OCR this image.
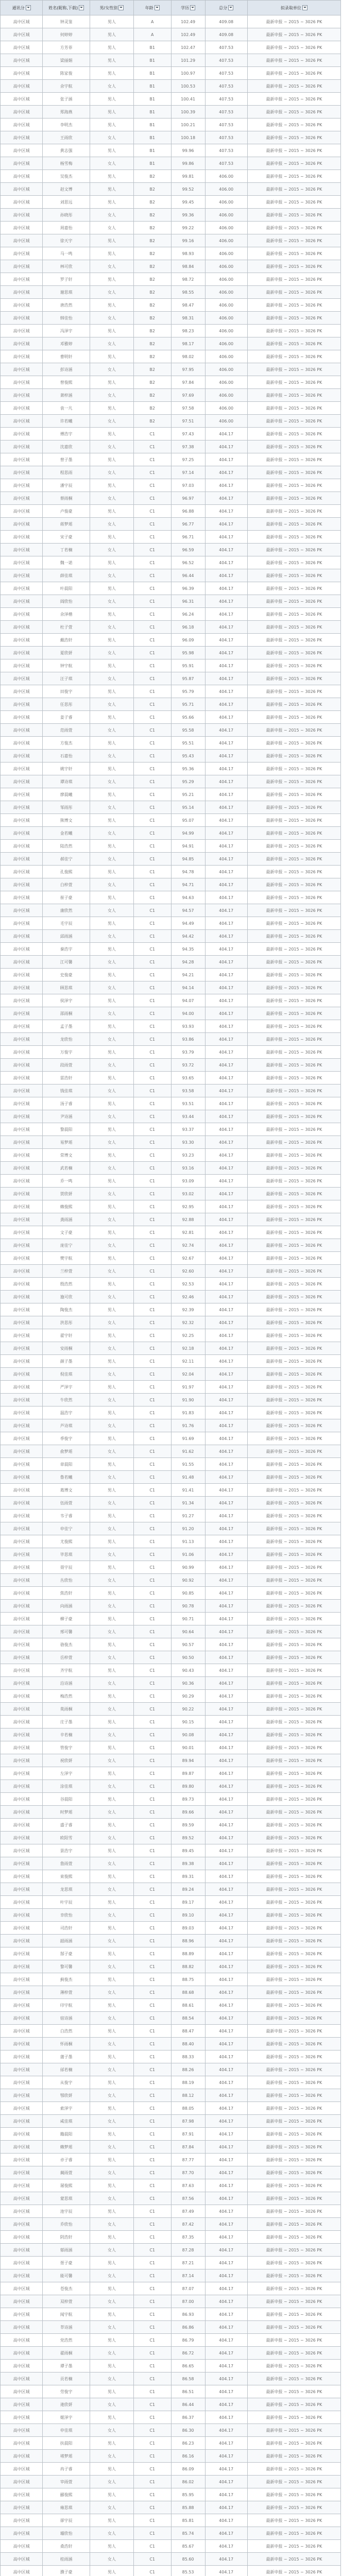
通讯分	姓名(昵称,下载)	男/女性别	年龄	学历	总分	拟录取单位
高中区城	钟灵鉴	男人	A	102.49	409.08	最新申报 ~ 2015 ~ 3026 PK
高中区城	何婷婷	男人	A	102.49	409.08	最新申报 ~ 2015 ~ 3026 PK
高中区城	方芳菲	男人	B1	102.47	407.53	最新申报 ~ 2015 ~ 3026 PK
高中区城	梁丽娟	男人	B1	101.29	407.53	最新申报 ~ 2015 ~ 3026 PK
高中区城	陈家俊	男人	B1	100.97	407.53	最新申报 ~ 2015 ~ 3026 PK
高中区城	余宇航	女人	B1	100.53	407.53	最新申报 ~ 2015 ~ 3026 PK
高中区城	张子涵	男人	B1	100.41	407.53	最新申报 ~ 2015 ~ 3026 PK
高中区城	郑海燕	男人	B1	100.39	407.53	最新申报 ~ 2015 ~ 3026 PK
高中区城	李明杰	男人	B1	100.21	407.53	最新申报 ~ 2015 ~ 3026 PK
高中区城	王雨欣	女人	B1	100.18	407.53	最新申报 ~ 2015 ~ 3026 PK
高中区城	黄志强	男人	B1	99.96	407.53	最新申报 ~ 2015 ~ 3026 PK
高中区城	杨雪梅	女人	B1	99.86	407.53	最新申报 ~ 2015 ~ 3026 PK
高中区城	吴俊杰	男人	B2	99.81	406.00	最新申报 ~ 2015 ~ 3026 PK
高中区城	赵文博	男人	B2	99.52	406.00	最新申报 ~ 2015 ~ 3026 PK
高中区城	刘思远	男人	B2	99.45	406.00	最新申报 ~ 2015 ~ 3026 PK
高中区城	孙晓彤	女人	B2	99.36	406.00	最新申报 ~ 2015 ~ 3026 PK
高中区城	周嘉怡	女人	B2	99.22	406.00	最新申报 ~ 2015 ~ 3026 PK
高中区城	徐天宇	男人	B2	99.16	406.00	最新申报 ~ 2015 ~ 3026 PK
高中区城	马一鸣	男人	B2	98.93	406.00	最新申报 ~ 2015 ~ 3026 PK
高中区城	林可欣	女人	B2	98.84	406.00	最新申报 ~ 2015 ~ 3026 PK
高中区城	罗子轩	男人	B2	98.72	406.00	最新申报 ~ 2015 ~ 3026 PK
高中区城	谢思琪	女人	B2	98.55	406.00	最新申报 ~ 2015 ~ 3026 PK
高中区城	唐浩然	男人	B2	98.47	406.00	最新申报 ~ 2015 ~ 3026 PK
高中区城	韩佳怡	女人	B2	98.31	406.00	最新申报 ~ 2015 ~ 3026 PK
高中区城	冯泽宇	男人	B2	98.23	406.00	最新申报 ~ 2015 ~ 3026 PK
高中区城	邓雅婷	女人	B2	98.17	406.00	最新申报 ~ 2015 ~ 3026 PK
高中区城	曹明轩	男人	B2	98.02	406.00	最新申报 ~ 2015 ~ 3026 PK
高中区城	彭诗涵	女人	B2	97.95	406.00	最新申报 ~ 2015 ~ 3026 PK
高中区城	曾俊熙	男人	B2	97.84	406.00	最新申报 ~ 2015 ~ 3026 PK
高中区城	萧梓涵	女人	B2	97.69	406.00	最新申报 ~ 2015 ~ 3026 PK
高中区城	袁一凡	男人	B2	97.58	406.00	最新申报 ~ 2015 ~ 3026 PK
高中区城	许若曦	女人	B2	97.51	406.00	最新申报 ~ 2015 ~ 3026 PK
高中区城	傅浩宇	男人	C1	97.43	404.17	最新申报 ~ 2015 ~ 3026 PK
高中区城	沈嘉欣	女人	C1	97.38	404.17	最新申报 ~ 2015 ~ 3026 PK
高中区城	曾子墨	男人	C1	97.25	404.17	最新申报 ~ 2015 ~ 3026 PK
高中区城	程思雨	女人	C1	97.14	404.17	最新申报 ~ 2015 ~ 3026 PK
高中区城	潘宇辰	男人	C1	97.03	404.17	最新申报 ~ 2015 ~ 3026 PK
高中区城	蔡雨桐	女人	C1	96.97	404.17	最新申报 ~ 2015 ~ 3026 PK
高中区城	卢俊豪	男人	C1	96.88	404.17	最新申报 ~ 2015 ~ 3026 PK
高中区城	蒋梦瑶	女人	C1	96.77	404.17	最新申报 ~ 2015 ~ 3026 PK
高中区城	宋子豪	男人	C1	96.71	404.17	最新申报 ~ 2015 ~ 3026 PK
高中区城	丁若楠	女人	C1	96.59	404.17	最新申报 ~ 2015 ~ 3026 PK
高中区城	魏一诺	男人	C1	96.52	404.17	最新申报 ~ 2015 ~ 3026 PK
高中区城	薛佳琪	女人	C1	96.44	404.17	最新申报 ~ 2015 ~ 3026 PK
高中区城	叶晨阳	男人	C1	96.39	404.17	最新申报 ~ 2015 ~ 3026 PK
高中区城	阎欣怡	女人	C1	96.31	404.17	最新申报 ~ 2015 ~ 3026 PK
高中区城	余泽楷	男人	C1	96.24	404.17	最新申报 ~ 2015 ~ 3026 PK
高中区城	杜子萱	女人	C1	96.18	404.17	最新申报 ~ 2015 ~ 3026 PK
高中区城	戴浩轩	男人	C1	96.09	404.17	最新申报 ~ 2015 ~ 3026 PK
高中区城	夏欣妍	女人	C1	95.98	404.17	最新申报 ~ 2015 ~ 3026 PK
高中区城	钟宇航	男人	C1	95.91	404.17	最新申报 ~ 2015 ~ 3026 PK
高中区城	汪子琪	女人	C1	95.87	404.17	最新申报 ~ 2015 ~ 3026 PK
高中区城	田俊宇	男人	C1	95.79	404.17	最新申报 ~ 2015 ~ 3026 PK
高中区城	任思彤	女人	C1	95.71	404.17	最新申报 ~ 2015 ~ 3026 PK
高中区城	姜子睿	男人	C1	95.66	404.17	最新申报 ~ 2015 ~ 3026 PK
高中区城	范雨萱	女人	C1	95.58	404.17	最新申报 ~ 2015 ~ 3026 PK
高中区城	方俊杰	男人	C1	95.51	404.17	最新申报 ~ 2015 ~ 3026 PK
高中区城	石嘉怡	女人	C1	95.43	404.17	最新申报 ~ 2015 ~ 3026 PK
高中区城	姚宇轩	男人	C1	95.36	404.17	最新申报 ~ 2015 ~ 3026 PK
高中区城	谭诗琪	女人	C1	95.29	404.17	最新申报 ~ 2015 ~ 3026 PK
高中区城	廖晨曦	男人	C1	95.21	404.17	最新申报 ~ 2015 ~ 3026 PK
高中区城	邹雨彤	女人	C1	95.14	404.17	最新申报 ~ 2015 ~ 3026 PK
高中区城	熊博文	男人	C1	95.07	404.17	最新申报 ~ 2015 ~ 3026 PK
高中区城	金若曦	女人	C1	94.99	404.17	最新申报 ~ 2015 ~ 3026 PK
高中区城	陆浩然	男人	C1	94.91	404.17	最新申报 ~ 2015 ~ 3026 PK
高中区城	郝佳宁	女人	C1	94.85	404.17	最新申报 ~ 2015 ~ 3026 PK
高中区城	孔俊熙	男人	C1	94.78	404.17	最新申报 ~ 2015 ~ 3026 PK
高中区城	白梓萱	女人	C1	94.71	404.17	最新申报 ~ 2015 ~ 3026 PK
高中区城	崔子豪	男人	C1	94.63	404.17	最新申报 ~ 2015 ~ 3026 PK
高中区城	康欣然	女人	C1	94.57	404.17	最新申报 ~ 2015 ~ 3026 PK
高中区城	毛宇辰	男人	C1	94.49	404.17	最新申报 ~ 2015 ~ 3026 PK
高中区城	邱雨涵	女人	C1	94.42	404.17	最新申报 ~ 2015 ~ 3026 PK
高中区城	秦浩宇	男人	C1	94.35	404.17	最新申报 ~ 2015 ~ 3026 PK
高中区城	江可馨	女人	C1	94.28	404.17	最新申报 ~ 2015 ~ 3026 PK
高中区城	史俊豪	男人	C1	94.21	404.17	最新申报 ~ 2015 ~ 3026 PK
高中区城	顾思琪	女人	C1	94.14	404.17	最新申报 ~ 2015 ~ 3026 PK
高中区城	侯泽宇	男人	C1	94.07	404.17	最新申报 ~ 2015 ~ 3026 PK
高中区城	邵雨桐	女人	C1	94.00	404.17	最新申报 ~ 2015 ~ 3026 PK
高中区城	孟子墨	男人	C1	93.93	404.17	最新申报 ~ 2015 ~ 3026 PK
高中区城	龙欣怡	女人	C1	93.86	404.17	最新申报 ~ 2015 ~ 3026 PK
高中区城	万俊宇	男人	C1	93.79	404.17	最新申报 ~ 2015 ~ 3026 PK
高中区城	段雨萱	女人	C1	93.72	404.17	最新申报 ~ 2015 ~ 3026 PK
高中区城	雷浩轩	男人	C1	93.65	404.17	最新申报 ~ 2015 ~ 3026 PK
高中区城	钱佳琪	女人	C1	93.58	404.17	最新申报 ~ 2015 ~ 3026 PK
高中区城	汤子睿	男人	C1	93.51	404.17	最新申报 ~ 2015 ~ 3026 PK
高中区城	尹诗涵	女人	C1	93.44	404.17	最新申报 ~ 2015 ~ 3026 PK
高中区城	黎晨阳	男人	C1	93.37	404.17	最新申报 ~ 2015 ~ 3026 PK
高中区城	易梦瑶	女人	C1	93.30	404.17	最新申报 ~ 2015 ~ 3026 PK
高中区城	常博文	男人	C1	93.23	404.17	最新申报 ~ 2015 ~ 3026 PK
高中区城	武若楠	女人	C1	93.16	404.17	最新申报 ~ 2015 ~ 3026 PK
高中区城	乔一鸣	男人	C1	93.09	404.17	最新申报 ~ 2015 ~ 3026 PK
高中区城	贺欣妍	女人	C1	93.02	404.17	最新申报 ~ 2015 ~ 3026 PK
高中区城	赖俊熙	男人	C1	92.95	404.17	最新申报 ~ 2015 ~ 3026 PK
高中区城	龚雨涵	女人	C1	92.88	404.17	最新申报 ~ 2015 ~ 3026 PK
高中区城	文子豪	男人	C1	92.81	404.17	最新申报 ~ 2015 ~ 3026 PK
高中区城	庞佳宁	女人	C1	92.74	404.17	最新申报 ~ 2015 ~ 3026 PK
高中区城	樊宇航	男人	C1	92.67	404.17	最新申报 ~ 2015 ~ 3026 PK
高中区城	兰梓萱	女人	C1	92.60	404.17	最新申报 ~ 2015 ~ 3026 PK
高中区城	殷浩然	男人	C1	92.53	404.17	最新申报 ~ 2015 ~ 3026 PK
高中区城	施可欣	女人	C1	92.46	404.17	最新申报 ~ 2015 ~ 3026 PK
高中区城	陶俊杰	男人	C1	92.39	404.17	最新申报 ~ 2015 ~ 3026 PK
高中区城	洪思彤	女人	C1	92.32	404.17	最新申报 ~ 2015 ~ 3026 PK
高中区城	翟宇轩	男人	C1	92.25	404.17	最新申报 ~ 2015 ~ 3026 PK
高中区城	安雨桐	女人	C1	92.18	404.17	最新申报 ~ 2015 ~ 3026 PK
高中区城	颜子墨	男人	C1	92.11	404.17	最新申报 ~ 2015 ~ 3026 PK
高中区城	倪佳琪	女人	C1	92.04	404.17	最新申报 ~ 2015 ~ 3026 PK
高中区城	严泽宇	男人	C1	91.97	404.17	最新申报 ~ 2015 ~ 3026 PK
高中区城	牛欣然	女人	C1	91.90	404.17	最新申报 ~ 2015 ~ 3026 PK
高中区城	温浩宇	男人	C1	91.83	404.17	最新申报 ~ 2015 ~ 3026 PK
高中区城	芦诗琪	女人	C1	91.76	404.17	最新申报 ~ 2015 ~ 3026 PK
高中区城	季俊宇	男人	C1	91.69	404.17	最新申报 ~ 2015 ~ 3026 PK
高中区城	俞梦瑶	女人	C1	91.62	404.17	最新申报 ~ 2015 ~ 3026 PK
高中区城	章晨阳	男人	C1	91.55	404.17	最新申报 ~ 2015 ~ 3026 PK
高中区城	鲁若曦	女人	C1	91.48	404.17	最新申报 ~ 2015 ~ 3026 PK
高中区城	葛博文	男人	C1	91.41	404.17	最新申报 ~ 2015 ~ 3026 PK
高中区城	伍雨萱	女人	C1	91.34	404.17	最新申报 ~ 2015 ~ 3026 PK
高中区城	韦子睿	男人	C1	91.27	404.17	最新申报 ~ 2015 ~ 3026 PK
高中区城	申佳宁	女人	C1	91.20	404.17	最新申报 ~ 2015 ~ 3026 PK
高中区城	尤俊熙	男人	C1	91.13	404.17	最新申报 ~ 2015 ~ 3026 PK
高中区城	毕思琪	女人	C1	91.06	404.17	最新申报 ~ 2015 ~ 3026 PK
高中区城	聂宇辰	男人	C1	90.99	404.17	最新申报 ~ 2015 ~ 3026 PK
高中区城	丛欣怡	女人	C1	90.92	404.17	最新申报 ~ 2015 ~ 3026 PK
高中区城	焦浩轩	男人	C1	90.85	404.17	最新申报 ~ 2015 ~ 3026 PK
高中区城	向雨涵	女人	C1	90.78	404.17	最新申报 ~ 2015 ~ 3026 PK
高中区城	柳子豪	男人	C1	90.71	404.17	最新申报 ~ 2015 ~ 3026 PK
高中区城	邢可馨	女人	C1	90.64	404.17	最新申报 ~ 2015 ~ 3026 PK
高中区城	骆俊杰	男人	C1	90.57	404.17	最新申报 ~ 2015 ~ 3026 PK
高中区城	岳梓萱	女人	C1	90.50	404.17	最新申报 ~ 2015 ~ 3026 PK
高中区城	齐宇航	男人	C1	90.43	404.17	最新申报 ~ 2015 ~ 3026 PK
高中区城	沿诗涵	女人	C1	90.36	404.17	最新申报 ~ 2015 ~ 3026 PK
高中区城	梅浩然	男人	C1	90.29	404.17	最新申报 ~ 2015 ~ 3026 PK
高中区城	莫雨桐	女人	C1	90.22	404.17	最新申报 ~ 2015 ~ 3026 PK
高中区城	庄子墨	男人	C1	90.15	404.17	最新申报 ~ 2015 ~ 3026 PK
高中区城	辛若楠	女人	C1	90.08	404.17	最新申报 ~ 2015 ~ 3026 PK
高中区城	管俊宇	男人	C1	90.01	404.17	最新申报 ~ 2015 ~ 3026 PK
高中区城	祝欣妍	女人	C1	89.94	404.17	最新申报 ~ 2015 ~ 3026 PK
高中区城	左泽宇	男人	C1	89.87	404.17	最新申报 ~ 2015 ~ 3026 PK
高中区城	涂佳琪	女人	C1	89.80	404.17	最新申报 ~ 2015 ~ 3026 PK
高中区城	谷晨阳	男人	C1	89.73	404.17	最新申报 ~ 2015 ~ 3026 PK
高中区城	时梦瑶	女人	C1	89.66	404.17	最新申报 ~ 2015 ~ 3026 PK
高中区城	盛子睿	男人	C1	89.59	404.17	最新申报 ~ 2015 ~ 3026 PK
高中区城	欧阳雪	女人	C1	89.52	404.17	最新申报 ~ 2015 ~ 3026 PK
高中区城	景浩宇	男人	C1	89.45	404.17	最新申报 ~ 2015 ~ 3026 PK
高中区城	詹雨萱	女人	C1	89.38	404.17	最新申报 ~ 2015 ~ 3026 PK
高中区城	束俊熙	男人	C1	89.31	404.17	最新申报 ~ 2015 ~ 3026 PK
高中区城	龙思琪	女人	C1	89.24	404.17	最新申报 ~ 2015 ~ 3026 PK
高中区城	叶宇辰	男人	C1	89.17	404.17	最新申报 ~ 2015 ~ 3026 PK
高中区城	幸欣怡	女人	C1	89.10	404.17	最新申报 ~ 2015 ~ 3026 PK
高中区城	司浩轩	男人	C1	89.03	404.17	最新申报 ~ 2015 ~ 3026 PK
高中区城	韶雨涵	女人	C1	88.96	404.17	最新申报 ~ 2015 ~ 3026 PK
高中区城	郜子豪	男人	C1	88.89	404.17	最新申报 ~ 2015 ~ 3026 PK
高中区城	黎可馨	女人	C1	88.82	404.17	最新申报 ~ 2015 ~ 3026 PK
高中区城	蓟俊杰	男人	C1	88.75	404.17	最新申报 ~ 2015 ~ 3026 PK
高中区城	薄梓萱	女人	C1	88.68	404.17	最新申报 ~ 2015 ~ 3026 PK
高中区城	印宇航	男人	C1	88.61	404.17	最新申报 ~ 2015 ~ 3026 PK
高中区城	宿诗涵	女人	C1	88.54	404.17	最新申报 ~ 2015 ~ 3026 PK
高中区城	白浩然	男人	C1	88.47	404.17	最新申报 ~ 2015 ~ 3026 PK
高中区城	怀雨桐	女人	C1	88.40	404.17	最新申报 ~ 2015 ~ 3026 PK
高中区城	蒲子墨	男人	C1	88.33	404.17	最新申报 ~ 2015 ~ 3026 PK
高中区城	邰若楠	女人	C1	88.26	404.17	最新申报 ~ 2015 ~ 3026 PK
高中区城	从俊宇	男人	C1	88.19	404.17	最新申报 ~ 2015 ~ 3026 PK
高中区城	鄂欣妍	女人	C1	88.12	404.17	最新申报 ~ 2015 ~ 3026 PK
高中区城	索泽宇	男人	C1	88.05	404.17	最新申报 ~ 2015 ~ 3026 PK
高中区城	咸佳琪	女人	C1	87.98	404.17	最新申报 ~ 2015 ~ 3026 PK
高中区城	籍晨阳	男人	C1	87.91	404.17	最新申报 ~ 2015 ~ 3026 PK
高中区城	赖梦瑶	女人	C1	87.84	404.17	最新申报 ~ 2015 ~ 3026 PK
高中区城	卓子睿	男人	C1	87.77	404.17	最新申报 ~ 2015 ~ 3026 PK
高中区城	蔺雨萱	女人	C1	87.70	404.17	最新申报 ~ 2015 ~ 3026 PK
高中区城	屠俊熙	男人	C1	87.63	404.17	最新申报 ~ 2015 ~ 3026 PK
高中区城	蒙思琪	女人	C1	87.56	404.17	最新申报 ~ 2015 ~ 3026 PK
高中区城	池宇辰	男人	C1	87.49	404.17	最新申报 ~ 2015 ~ 3026 PK
高中区城	乔欣怡	女人	C1	87.42	404.17	最新申报 ~ 2015 ~ 3026 PK
高中区城	阴浩轩	男人	C1	87.35	404.17	最新申报 ~ 2015 ~ 3026 PK
高中区城	郁雨涵	女人	C1	87.28	404.17	最新申报 ~ 2015 ~ 3026 PK
高中区城	胥子豪	男人	C1	87.21	404.17	最新申报 ~ 2015 ~ 3026 PK
高中区城	能可馨	女人	C1	87.14	404.17	最新申报 ~ 2015 ~ 3026 PK
高中区城	苍俊杰	男人	C1	87.07	404.17	最新申报 ~ 2015 ~ 3026 PK
高中区城	双梓萱	女人	C1	87.00	404.17	最新申报 ~ 2015 ~ 3026 PK
高中区城	闻宇航	男人	C1	86.93	404.17	最新申报 ~ 2015 ~ 3026 PK
高中区城	莘诗涵	女人	C1	86.86	404.17	最新申报 ~ 2015 ~ 3026 PK
高中区城	党浩然	男人	C1	86.79	404.17	最新申报 ~ 2015 ~ 3026 PK
高中区城	翟雨桐	女人	C1	86.72	404.17	最新申报 ~ 2015 ~ 3026 PK
高中区城	谭子墨	男人	C1	86.65	404.17	最新申报 ~ 2015 ~ 3026 PK
高中区城	贡若楠	女人	C1	86.58	404.17	最新申报 ~ 2015 ~ 3026 PK
高中区城	劳俊宇	男人	C1	86.51	404.17	最新申报 ~ 2015 ~ 3026 PK
高中区城	逄欣妍	女人	C1	86.44	404.17	最新申报 ~ 2015 ~ 3026 PK
高中区城	姬泽宇	男人	C1	86.37	404.17	最新申报 ~ 2015 ~ 3026 PK
高中区城	申佳琪	女人	C1	86.30	404.17	最新申报 ~ 2015 ~ 3026 PK
高中区城	扶晨阳	男人	C1	86.23	404.17	最新申报 ~ 2015 ~ 3026 PK
高中区城	堵梦瑶	女人	C1	86.16	404.17	最新申报 ~ 2015 ~ 3026 PK
高中区城	冉子睿	男人	C1	86.09	404.17	最新申报 ~ 2015 ~ 3026 PK
高中区城	宰雨萱	女人	C1	86.02	404.17	最新申报 ~ 2015 ~ 3026 PK
高中区城	郦俊熙	男人	C1	85.95	404.17	最新申报 ~ 2015 ~ 3026 PK
高中区城	雍思琪	女人	C1	85.88	404.17	最新申报 ~ 2015 ~ 3026 PK
高中区城	卻宇辰	男人	C1	85.81	404.17	最新申报 ~ 2015 ~ 3026 PK
高中区城	璩欣怡	女人	C1	85.74	404.17	最新申报 ~ 2015 ~ 3026 PK
高中区城	桑浩轩	男人	C1	85.67	404.17	最新申报 ~ 2015 ~ 3026 PK
高中区城	桂雨涵	女人	C1	85.60	404.17	最新申报 ~ 2015 ~ 3026 PK
高中区城	濮子豪	男人	C1	85.53	404.17	最新申报 ~ 2015 ~ 3026 PK
